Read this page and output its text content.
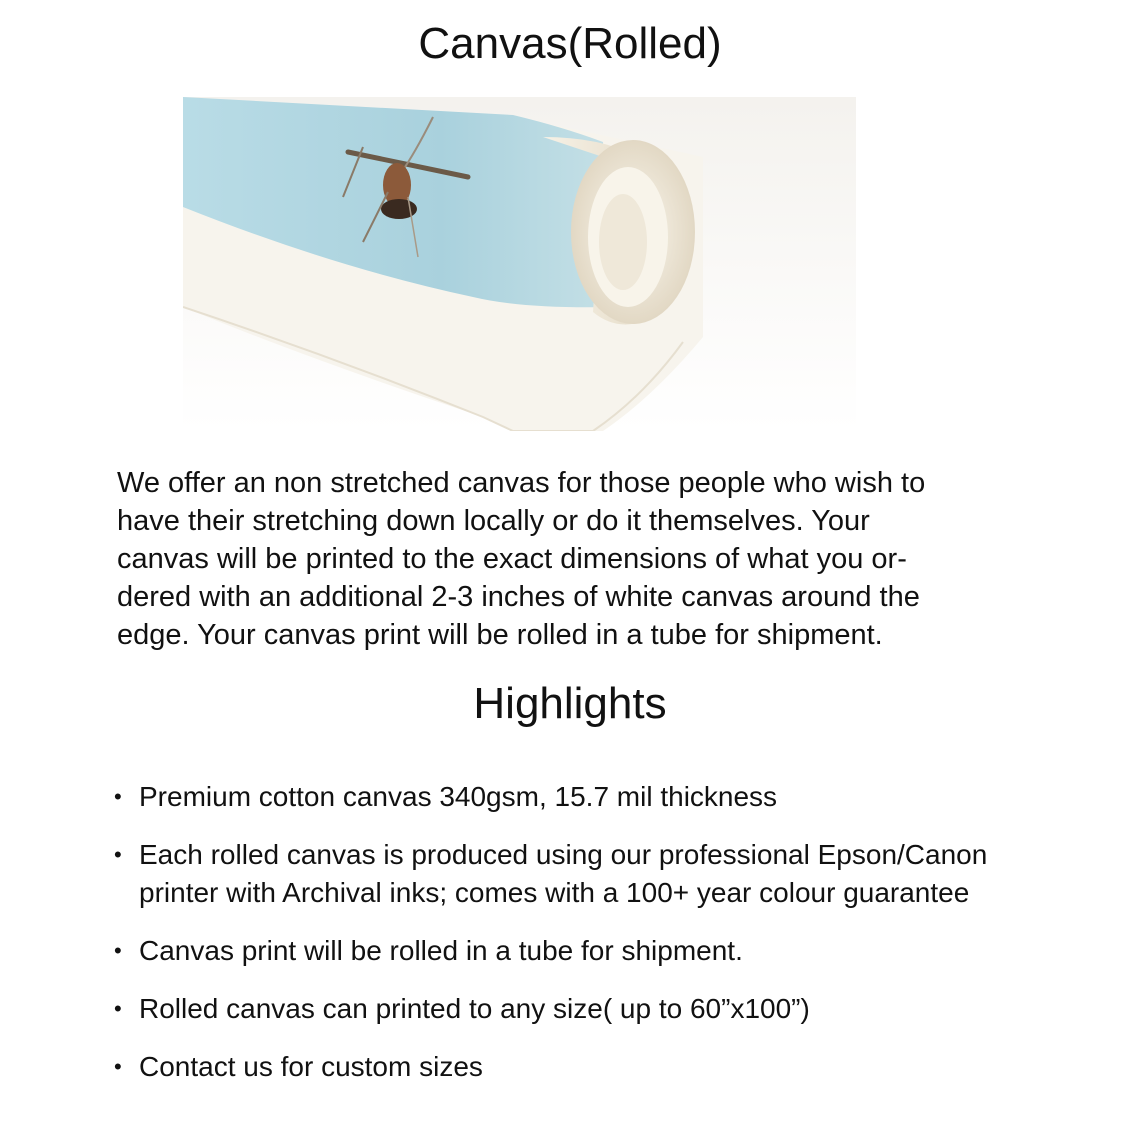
Canvas(Rolled)
We offer an non stretched canvas for those people who wish to
have their stretching down locally or do it themselves. Your
canvas will be printed to the exact dimensions of what you or-
dered with an additional 2-3 inches of white canvas around the
edge. Your canvas print will be rolled in a tube for shipment.
Highlights
• Premium cotton canvas 340gsm, 15.7 mil thickness
• Each rolled canvas is produced using our professional Epson/Canon
printer with Archival inks; comes with a 100+ year colour guarantee
• Canvas print will be rolled in a tube for shipment.
• Rolled canvas can printed to any size( up to 60”x100”)
• Contact us for custom sizes
